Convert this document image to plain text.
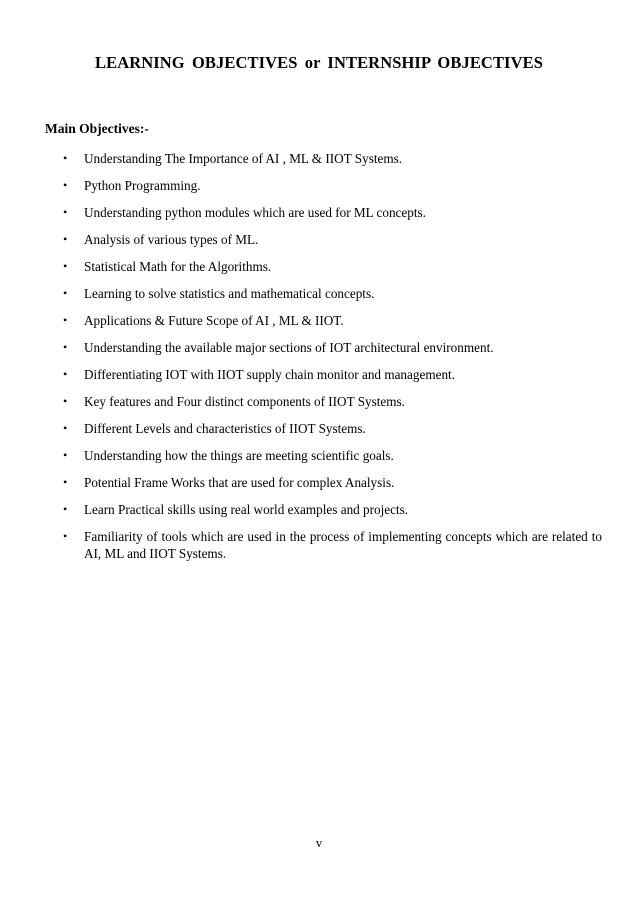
LEARNING OBJECTIVES or INTERNSHIP OBJECTIVES
Main Objectives:-
• Understanding The Importance of AI , ML & IIOT Systems.
• Python Programming.
• Understanding python modules which are used for ML concepts.
• Analysis of various types of ML.
• Statistical Math for the Algorithms.
• Learning to solve statistics and mathematical concepts.
• Applications & Future Scope of AI , ML & IIOT.
• Understanding the available major sections of IOT architectural environment.
• Differentiating IOT with IIOT supply chain monitor and management.
• Key features and Four distinct components of IIOT Systems.
• Different Levels and characteristics of IIOT Systems.
• Understanding how the things are meeting scientific goals.
• Potential Frame Works that are used for complex Analysis.
• Learn Practical skills using real world examples and projects.
• Familiarity of tools which are used in the process of implementing concepts which are related to AI, ML and IIOT Systems.

v
